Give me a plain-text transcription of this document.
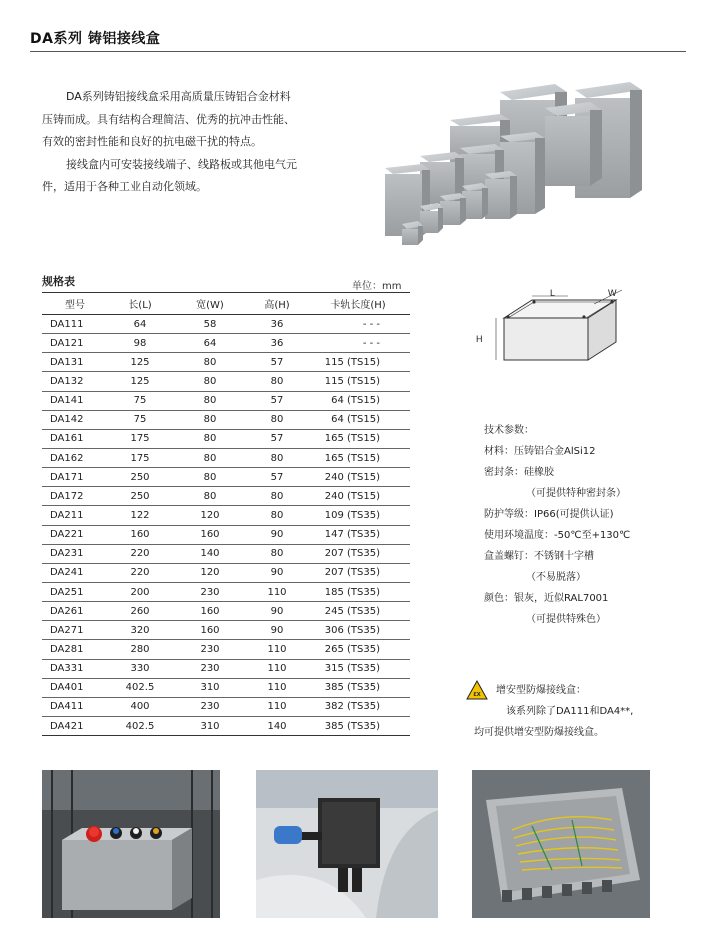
DA系列 铸铝接线盒

DA系列铸铝接线盒采用高质量压铸铝合金材料
压铸而成。具有结构合理简洁、优秀的抗冲击性能、
有效的密封性能和良好的抗电磁干扰的特点。

接线盒内可安装接线端子、线路板或其他电气元
件，适用于各种工业自动化领域。

规格表	单位：mm
型号	长(L)	宽(W)	高(H)	卡轨长度(H)
DA111	64	58	36	- - -
DA121	98	64	36	- - -
DA131	125	80	57	115 (TS15)
DA132	125	80	80	115 (TS15)
DA141	75	80	57	64 (TS15)
DA142	75	80	80	64 (TS15)
DA161	175	80	57	165 (TS15)
DA162	175	80	80	165 (TS15)
DA171	250	80	57	240 (TS15)
DA172	250	80	80	240 (TS15)
DA211	122	120	80	109 (TS35)
DA221	160	160	90	147 (TS35)
DA231	220	140	80	207 (TS35)
DA241	220	120	90	207 (TS35)
DA251	200	230	110	185 (TS35)
DA261	260	160	90	245 (TS35)
DA271	320	160	90	306 (TS35)
DA281	280	230	110	265 (TS35)
DA331	330	230	110	315 (TS35)
DA401	402.5	310	110	385 (TS35)
DA411	400	230	110	382 (TS35)
DA421	402.5	310	140	385 (TS35)
L	W
H
技术参数：
材料：压铸铝合金AlSi12
密封条：硅橡胶
（可提供特种密封条）
防护等级：IP66(可提供认证)
使用环境温度：-50℃至+130℃
盒盖螺钉：不锈钢十字槽
（不易脱落）
颜色：银灰，近似RAL7001
（可提供特殊色）
εx	增安型防爆接线盒：
该系列除了DA111和DA4**,
均可提供增安型防爆接线盒。
